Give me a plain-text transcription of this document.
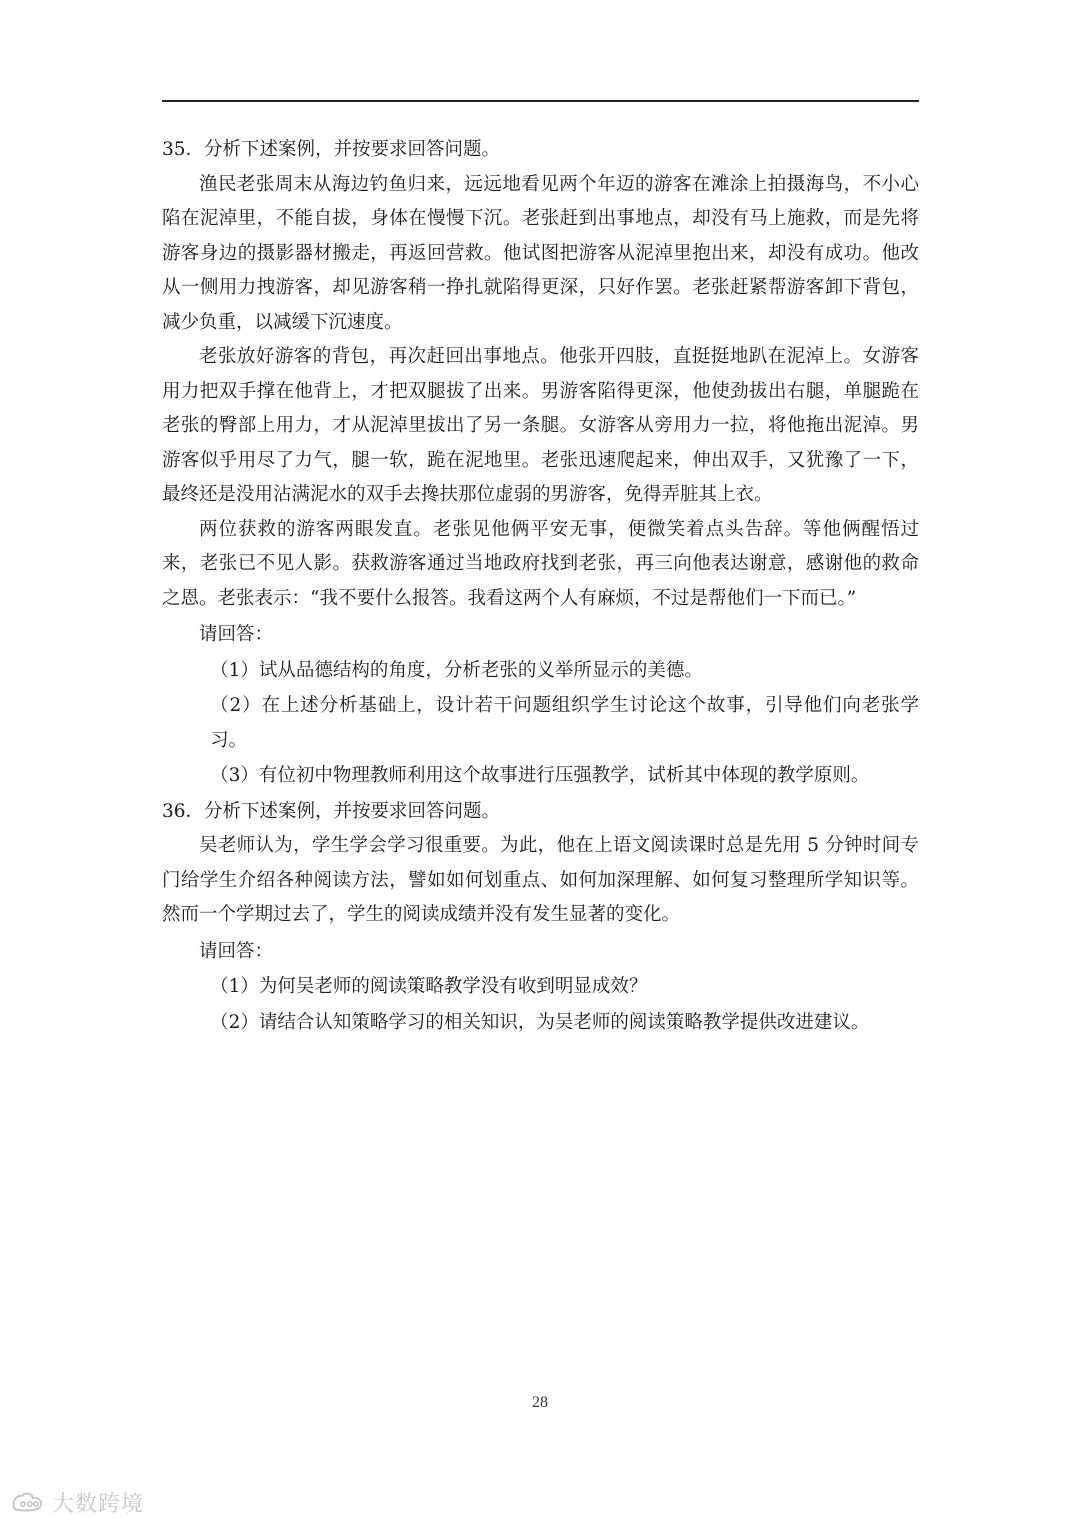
35．分析下述案例，并按要求回答问题。

渔民老张周末从海边钓鱼归来，远远地看见两个年迈的游客在滩涂上拍摄海鸟，不小心陷在泥淖里，不能自拔，身体在慢慢下沉。老张赶到出事地点，却没有马上施救，而是先将游客身边的摄影器材搬走，再返回营救。他试图把游客从泥淖里抱出来，却没有成功。他改从一侧用力拽游客，却见游客稍一挣扎就陷得更深，只好作罢。老张赶紧帮游客卸下背包，减少负重，以减缓下沉速度。

老张放好游客的背包，再次赶回出事地点。他张开四肢，直挺挺地趴在泥淖上。女游客用力把双手撑在他背上，才把双腿拔了出来。男游客陷得更深，他使劲拔出右腿，单腿跪在老张的臀部上用力，才从泥淖里拔出了另一条腿。女游客从旁用力一拉，将他拖出泥淖。男游客似乎用尽了力气，腿一软，跪在泥地里。老张迅速爬起来，伸出双手，又犹豫了一下，最终还是没用沾满泥水的双手去搀扶那位虚弱的男游客，免得弄脏其上衣。

两位获救的游客两眼发直。老张见他俩平安无事，便微笑着点头告辞。等他俩醒悟过来，老张已不见人影。获救游客通过当地政府找到老张，再三向他表达谢意，感谢他的救命之恩。老张表示：“我不要什么报答。我看这两个人有麻烦，不过是帮他们一下而已。”

请回答：

（1）试从品德结构的角度，分析老张的义举所显示的美德。

（2）在上述分析基础上，设计若干问题组织学生讨论这个故事，引导他们向老张学习。

（3）有位初中物理教师利用这个故事进行压强教学，试析其中体现的教学原则。

36．分析下述案例，并按要求回答问题。

吴老师认为，学生学会学习很重要。为此，他在上语文阅读课时总是先用 5 分钟时间专门给学生介绍各种阅读方法，譬如如何划重点、如何加深理解、如何复习整理所学知识等。然而一个学期过去了，学生的阅读成绩并没有发生显著的变化。

请回答：

（1）为何吴老师的阅读策略教学没有收到明显成效？

（2）请结合认知策略学习的相关知识，为吴老师的阅读策略教学提供改进建议。

28
大数跨境
